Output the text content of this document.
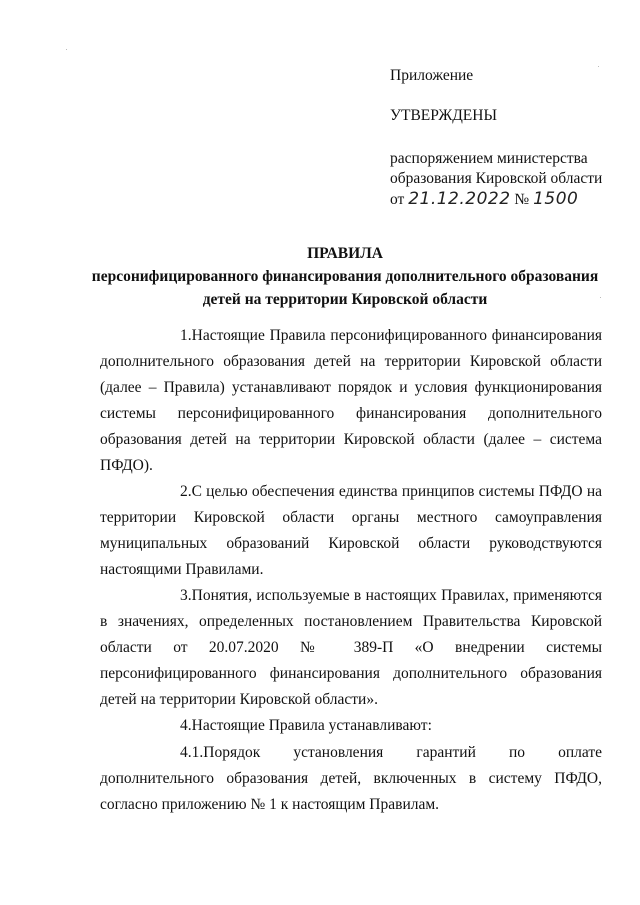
Приложение

УТВЕРЖДЕНЫ

распоряжением министерства

образования Кировской области

от 21.12.2022 № 1500

ПРАВИЛА
персонифицированного финансирования дополнительного образования
детей на территории Кировской области

1.Настоящие Правила персонифицированного финансирования дополнительного образования детей на территории Кировской области (далее – Правила) устанавливают порядок и условия функционирования системы персонифицированного финансирования дополнительного образования детей на территории Кировской области (далее – система ПФДО).

2.С целью обеспечения единства принципов системы ПФДО на территории Кировской области органы местного самоуправления муниципальных образований Кировской области руководствуются настоящими Правилами.

3.Понятия, используемые в настоящих Правилах, применяются в значениях, определенных постановлением Правительства Кировской области от 20.07.2020 № 389-П «О внедрении системы персонифицированного финансирования дополнительного образования детей на территории Кировской области».

4.Настоящие Правила устанавливают:

4.1.Порядок установления гарантий по оплате дополнительного образования детей, включенных в систему ПФДО, согласно приложению № 1 к настоящим Правилам.
